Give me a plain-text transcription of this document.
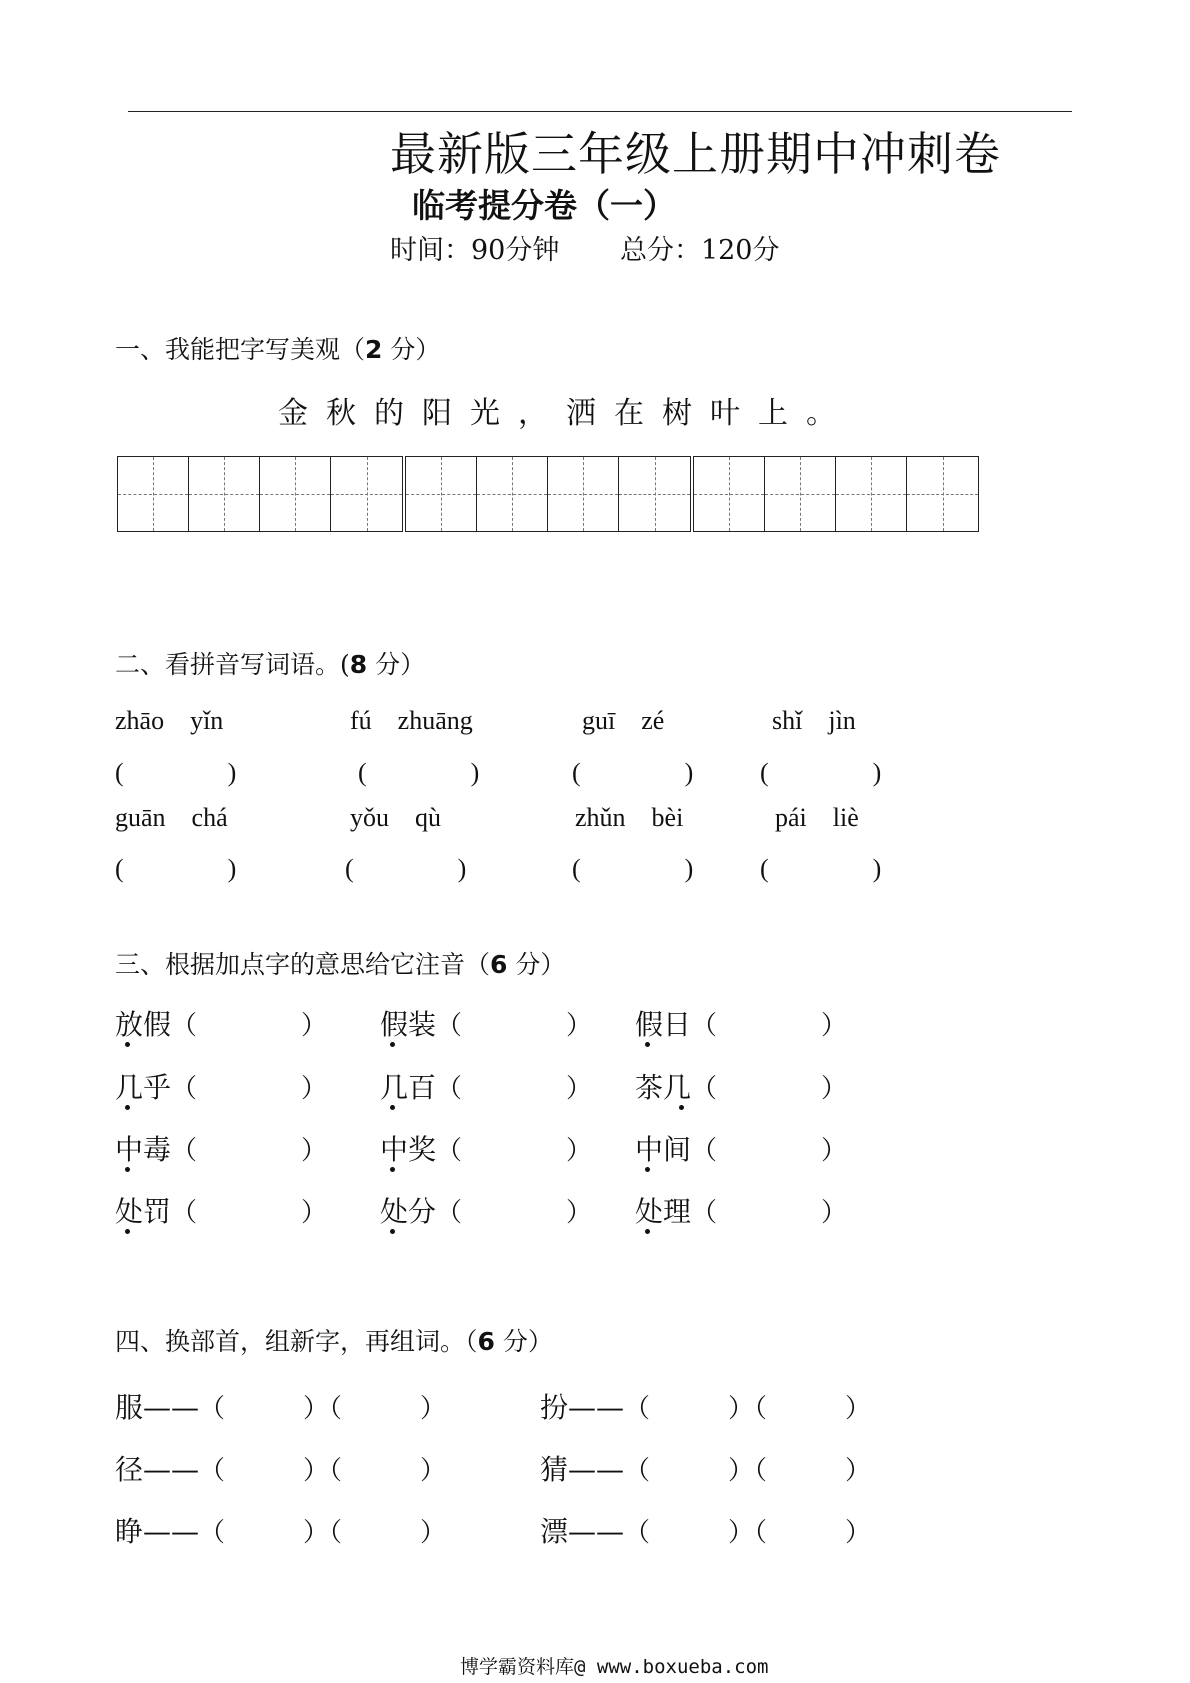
最新版三年级上册期中冲刺卷
临考提分卷（一）
时间：90分钟 总分：120分
一、我能把字写美观（2 分）
金 秋 的 阳 光 ， 洒 在 树 叶 上 。
二、看拼音写词语。(8 分）
zhāo　yǐn	fú　zhuāng	guī　zé	shǐ　jìn
(　　　　)	(　　　　)	(　　　　)	(　　　　)
guān　chá	yǒu　qù	zhǔn　bèi	pái　liè
(　　　　)	(　　　　)	(　　　　)	(　　　　)
三、根据加点字的意思给它注音（6 分）
放假（　　　　） 假装（　　　　） 假日（　　　　）
几乎（　　　　） 几百（　　　　） 茶几（　　　　）
中毒（　　　　） 中奖（　　　　） 中间（　　　　）
处罚（　　　　） 处分（　　　　） 处理（　　　　）
四、换部首，组新字，再组词。（6 分）
服——（　　　）（　　　）	扮——（　　　）（　　　）
径——（　　　）（　　　）	猜——（　　　）（　　　）
睁——（　　　）（　　　）	漂——（　　　）（　　　）
博学霸资料库@ www.boxueba.com
